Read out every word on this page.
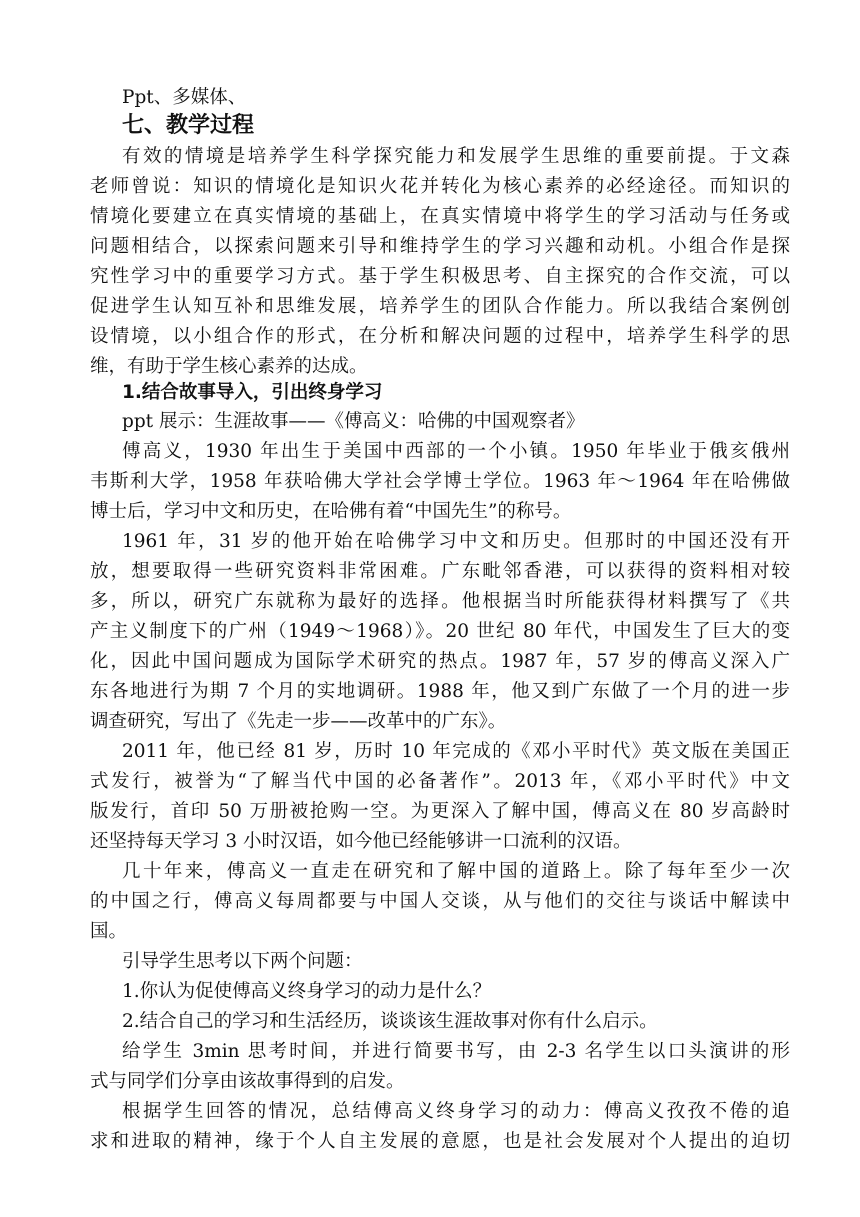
Ppt、多媒体、
七、教学过程
有效的情境是培养学生科学探究能力和发展学生思维的重要前提。于文森
老师曾说：知识的情境化是知识火花并转化为核心素养的必经途径。而知识的
情境化要建立在真实情境的基础上，在真实情境中将学生的学习活动与任务或
问题相结合，以探索问题来引导和维持学生的学习兴趣和动机。小组合作是探
究性学习中的重要学习方式。基于学生积极思考、自主探究的合作交流，可以
促进学生认知互补和思维发展，培养学生的团队合作能力。所以我结合案例创
设情境，以小组合作的形式，在分析和解决问题的过程中，培养学生科学的思
维，有助于学生核心素养的达成。
1.结合故事导入，引出终身学习
ppt 展示：生涯故事——《傅高义：哈佛的中国观察者》
傅高义，1930 年出生于美国中西部的一个小镇。1950 年毕业于俄亥俄州
韦斯利大学，1958 年获哈佛大学社会学博士学位。1963 年～1964 年在哈佛做
博士后，学习中文和历史，在哈佛有着“中国先生”的称号。
1961 年，31 岁的他开始在哈佛学习中文和历史。但那时的中国还没有开
放，想要取得一些研究资料非常困难。广东毗邻香港，可以获得的资料相对较
多，所以，研究广东就称为最好的选择。他根据当时所能获得材料撰写了《共
产主义制度下的广州（1949～1968）》。20 世纪 80 年代，中国发生了巨大的变
化，因此中国问题成为国际学术研究的热点。1987 年，57 岁的傅高义深入广
东各地进行为期 7 个月的实地调研。1988 年，他又到广东做了一个月的进一步
调查研究，写出了《先走一步——改革中的广东》。
2011 年，他已经 81 岁，历时 10 年完成的《邓小平时代》英文版在美国正
式发行，被誉为“了解当代中国的必备著作”。2013 年，《邓小平时代》中文
版发行，首印 50 万册被抢购一空。为更深入了解中国，傅高义在 80 岁高龄时
还坚持每天学习 3 小时汉语，如今他已经能够讲一口流利的汉语。
几十年来，傅高义一直走在研究和了解中国的道路上。除了每年至少一次
的中国之行，傅高义每周都要与中国人交谈，从与他们的交往与谈话中解读中
国。
引导学生思考以下两个问题：
1.你认为促使傅高义终身学习的动力是什么？
2.结合自己的学习和生活经历，谈谈该生涯故事对你有什么启示。
给学生 3min 思考时间，并进行简要书写，由 2-3 名学生以口头演讲的形
式与同学们分享由该故事得到的启发。
根据学生回答的情况，总结傅高义终身学习的动力：傅高义孜孜不倦的追
求和进取的精神，缘于个人自主发展的意愿，也是社会发展对个人提出的迫切
